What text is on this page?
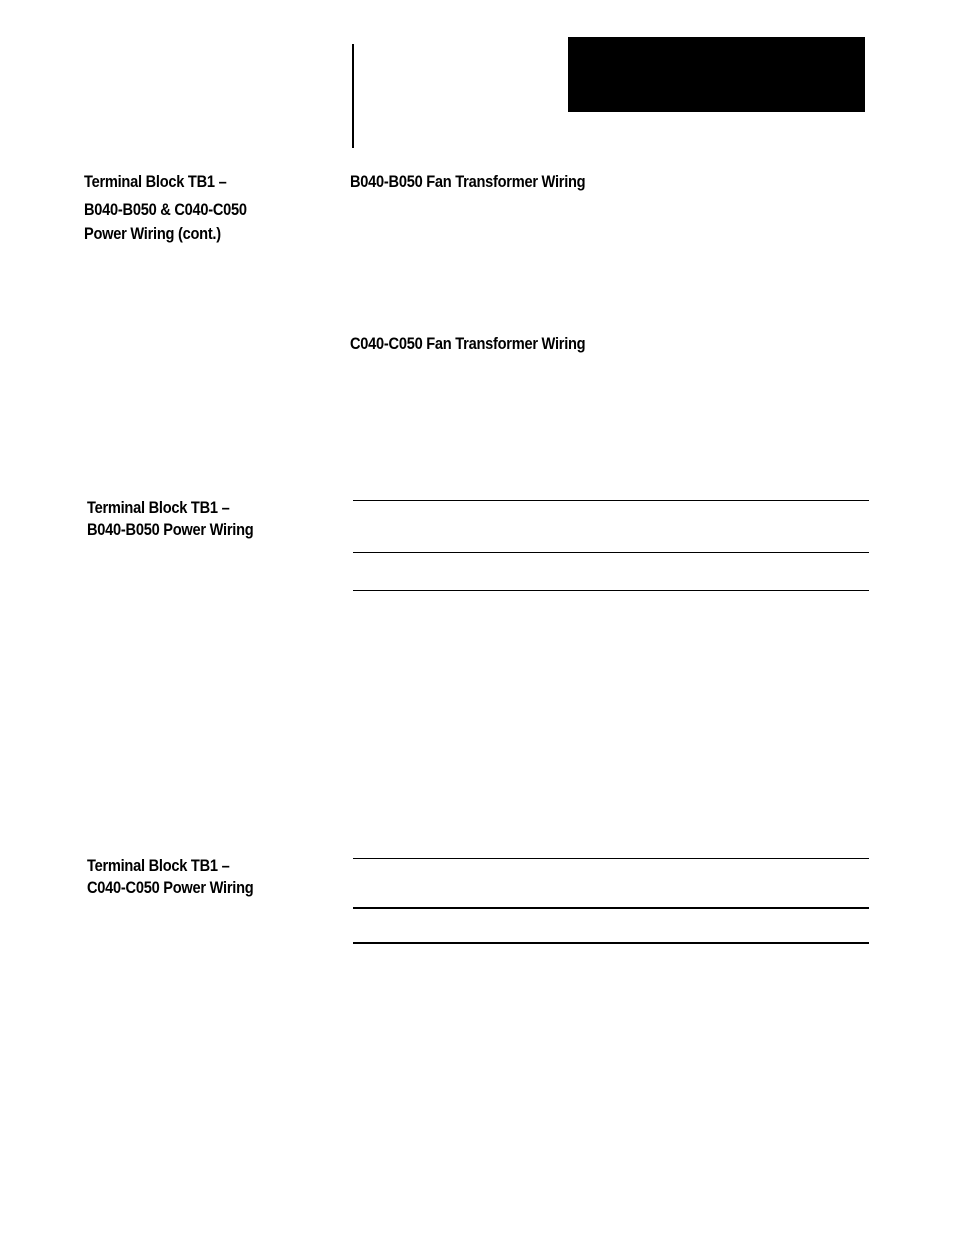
Terminal Block TB1 –
B040-B050 & C040-C050
Power Wiring (cont.)
B040-B050 Fan Transformer Wiring
C040-C050 Fan Transformer Wiring
Terminal Block TB1 –
B040-B050 Power Wiring
Terminal Block TB1 –
C040-C050 Power Wiring
